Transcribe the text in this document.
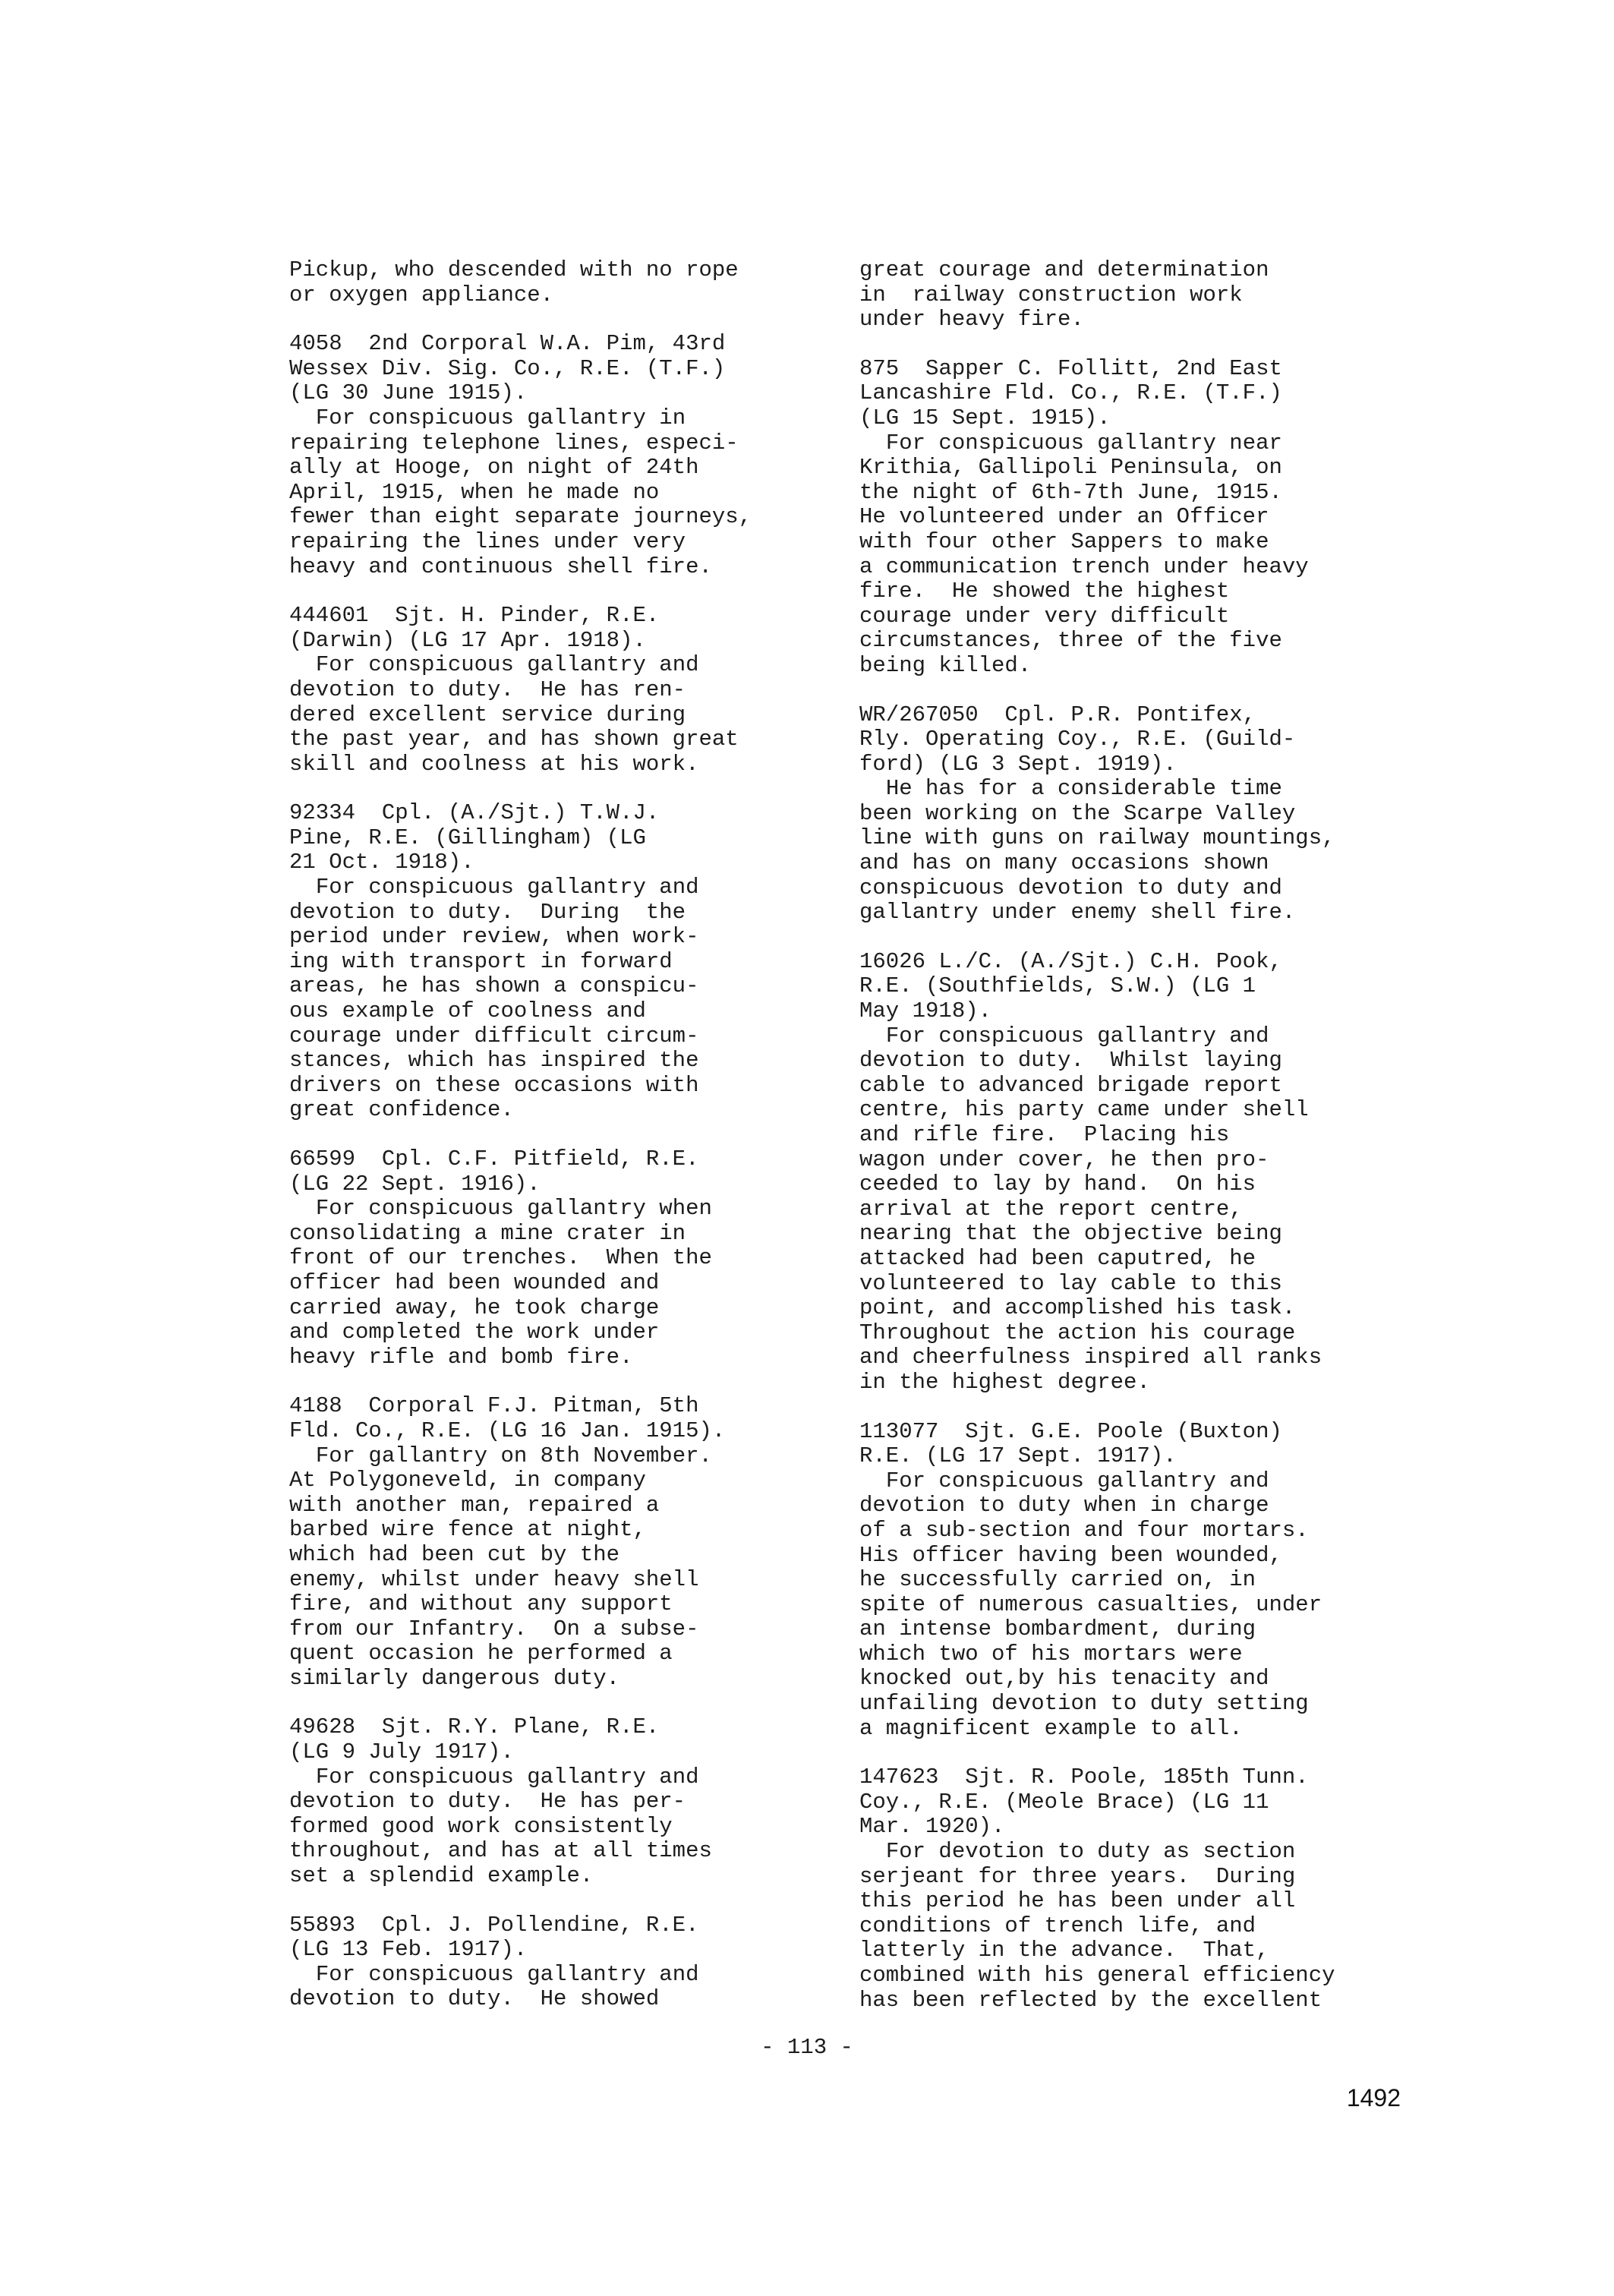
Pickup, who descended with no rope
or oxygen appliance.

4058  2nd Corporal W.A. Pim, 43rd
Wessex Div. Sig. Co., R.E. (T.F.)
(LG 30 June 1915).

For conspicuous gallantry in
repairing telephone lines, especi-
ally at Hooge, on night of 24th
April, 1915, when he made no
fewer than eight separate journeys,
repairing the lines under very
heavy and continuous shell fire.

444601  Sjt. H. Pinder, R.E.
(Darwin) (LG 17 Apr. 1918).

For conspicuous gallantry and
devotion to duty.  He has ren-
dered excellent service during
the past year, and has shown great
skill and coolness at his work.

92334  Cpl. (A./Sjt.) T.W.J.
Pine, R.E. (Gillingham) (LG
21 Oct. 1918).

For conspicuous gallantry and
devotion to duty.  During  the
period under review, when work-
ing with transport in forward
areas, he has shown a conspicu-
ous example of coolness and
courage under difficult circum-
stances, which has inspired the
drivers on these occasions with
great confidence.

66599  Cpl. C.F. Pitfield, R.E.
(LG 22 Sept. 1916).

For conspicuous gallantry when
consolidating a mine crater in
front of our trenches.  When the
officer had been wounded and
carried away, he took charge
and completed the work under
heavy rifle and bomb fire.

4188  Corporal F.J. Pitman, 5th
Fld. Co., R.E. (LG 16 Jan. 1915).

For gallantry on 8th November.
At Polygoneveld, in company
with another man, repaired a
barbed wire fence at night,
which had been cut by the
enemy, whilst under heavy shell
fire, and without any support
from our Infantry.  On a subse-
quent occasion he performed a
similarly dangerous duty.

49628  Sjt. R.Y. Plane, R.E.
(LG 9 July 1917).

For conspicuous gallantry and
devotion to duty.  He has per-
formed good work consistently
throughout, and has at all times
set a splendid example.

55893  Cpl. J. Pollendine, R.E.
(LG 13 Feb. 1917).

For conspicuous gallantry and
devotion to duty.  He showed

great courage and determination
in  railway construction work
under heavy fire.

875  Sapper C. Follitt, 2nd East
Lancashire Fld. Co., R.E. (T.F.)
(LG 15 Sept. 1915).

For conspicuous gallantry near
Krithia, Gallipoli Peninsula, on
the night of 6th-7th June, 1915.
He volunteered under an Officer
with four other Sappers to make
a communication trench under heavy
fire.  He showed the highest
courage under very difficult
circumstances, three of the five
being killed.

WR/267050  Cpl. P.R. Pontifex,
Rly. Operating Coy., R.E. (Guild-
ford) (LG 3 Sept. 1919).

He has for a considerable time
been working on the Scarpe Valley
line with guns on railway mountings,
and has on many occasions shown
conspicuous devotion to duty and
gallantry under enemy shell fire.

16026 L./C. (A./Sjt.) C.H. Pook,
R.E. (Southfields, S.W.) (LG 1
May 1918).

For conspicuous gallantry and
devotion to duty.  Whilst laying
cable to advanced brigade report
centre, his party came under shell
and rifle fire.  Placing his
wagon under cover, he then pro-
ceeded to lay by hand.  On his
arrival at the report centre,
nearing that the objective being
attacked had been caputred, he
volunteered to lay cable to this
point, and accomplished his task.
Throughout the action his courage
and cheerfulness inspired all ranks
in the highest degree.

113077  Sjt. G.E. Poole (Buxton)
R.E. (LG 17 Sept. 1917).

For conspicuous gallantry and
devotion to duty when in charge
of a sub-section and four mortars.
His officer having been wounded,
he successfully carried on, in
spite of numerous casualties, under
an intense bombardment, during
which two of his mortars were
knocked out,by his tenacity and
unfailing devotion to duty setting
a magnificent example to all.

147623  Sjt. R. Poole, 185th Tunn.
Coy., R.E. (Meole Brace) (LG 11
Mar. 1920).

For devotion to duty as section
serjeant for three years.  During
this period he has been under all
conditions of trench life, and
latterly in the advance.  That,
combined with his general efficiency
has been reflected by the excellent

- 113 -
1492
